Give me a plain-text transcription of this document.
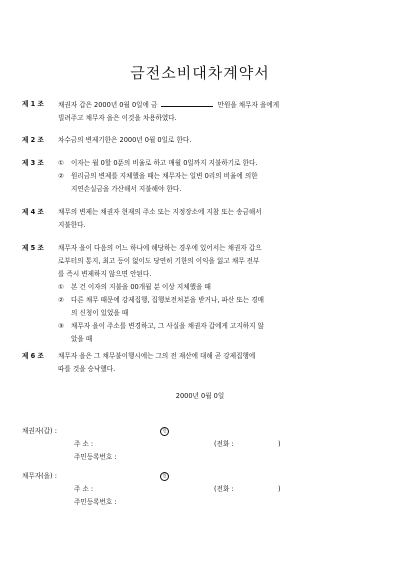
금전소비대차계약서
제 1 조	채권자 갑은 2000년 0월 0일에 금	만원을 채무자 을에게
빌려주고 채무자 을은 이것을 차용하였다.
제 2 조	차수금의 변제기한은 2000년 0월 0일로 한다.
제 3 조	① 이자는 월 0할 0푼의 비율로 하고 매월 0일까지 지불하기로 한다.
② 원리금의 변제를 지체했을 때는 채무자는 일변 0리의 비율에 의한
지연손실금을 가산해서 지불해야 한다.
제 4 조	채무의 변제는 채권자 현재의 주소 또는 지정장소에 지참 또는 송금해서
지불한다.
제 5 조	채무자 을이 다음의 어느 하나에 해당하는 경우에 있어서는 채권자 갑으
로부터의 통지, 최고 등이 없이도 당연히 기한의 이익을 잃고 채무 전부
를 즉시 변제하지 않으면 안된다.
① 본 건 이자의 지불을 00개월 분 이상 지체했을 때
② 다른 채무 때문에 강제집행, 집행보전처분을 받거나, 파산 또는 경매
의 신청이 있었을 때
③ 채무자 을이 주소를 변경하고, 그 사실을 채권자 갑에게 고지하지 않
았을 때
제 6 조	채무자 을은 그 채무불이행시에는 그의 전 재산에 대해 곧 강제집행에
따를 것을 승낙했다.
2000년 0월 0일
채권자(갑) :	인
주 소 :	(전화 :	)
주민등록번호 :
채무자(을) :	인
주 소 :	(전화 :	)
주민등록번호 :
